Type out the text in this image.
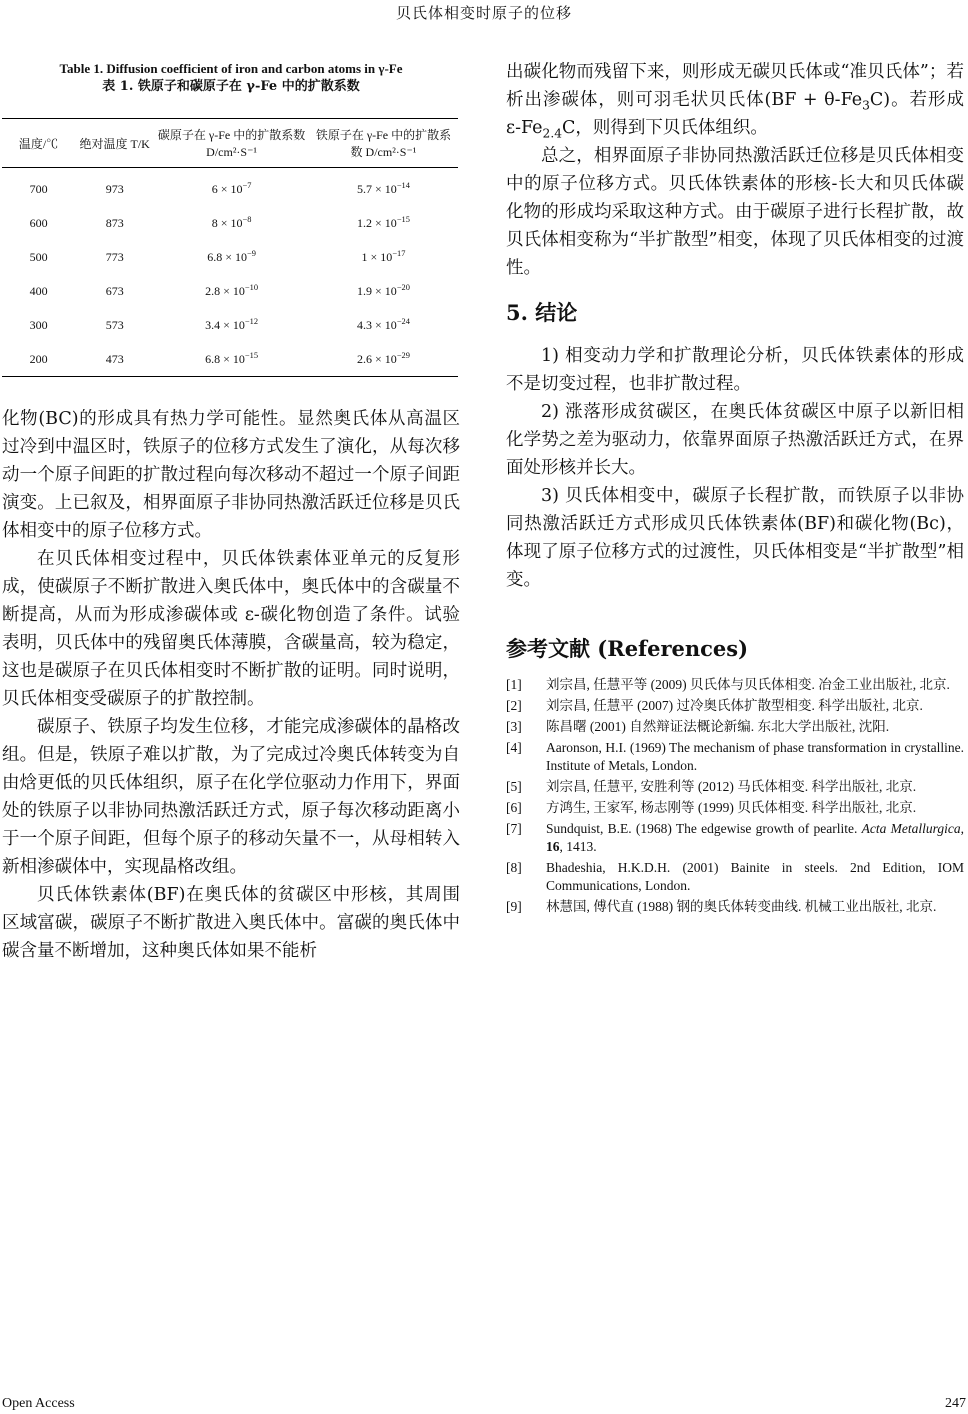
贝氏体相变时原子的位移

Table 1. Diffusion coefficient of iron and carbon atoms in γ-Fe

表 1. 铁原子和碳原子在 γ-Fe 中的扩散系数

温度/℃	绝对温度 T/K	碳原子在 γ-Fe 中的扩散系数 D/cm²·S⁻¹	铁原子在 γ-Fe 中的扩散系数 D/cm²·S⁻¹
700	973	$6 \times 10^{-7}$	$5.7 \times 10^{-14}$
600	873	$8 \times 10^{-8}$	$1.2 \times 10^{-15}$
500	773	$6.8 \times 10^{-9}$	$1 \times 10^{-17}$
400	673	$2.8 \times 10^{-10}$	$1.9 \times 10^{-20}$
300	573	$3.4 \times 10^{-12}$	$4.3 \times 10^{-24}$
200	473	$6.8 \times 10^{-15}$	$2.6 \times 10^{-29}$

化物(BC)的形成具有热力学可能性。显然奥氏体从高温区过冷到中温区时，铁原子的位移方式发生了演化，从每次移动一个原子间距的扩散过程向每次移动不超过一个原子间距演变。上已叙及，相界面原子非协同热激活跃迁位移是贝氏体相变中的原子位移方式。

在贝氏体相变过程中，贝氏体铁素体亚单元的反复形成，使碳原子不断扩散进入奥氏体中，奥氏体中的含碳量不断提高，从而为形成渗碳体或 ε-碳化物创造了条件。试验表明，贝氏体中的残留奥氏体薄膜，含碳量高，较为稳定，这也是碳原子在贝氏体相变时不断扩散的证明。同时说明，贝氏体相变受碳原子的扩散控制。

碳原子、铁原子均发生位移，才能完成渗碳体的晶格改组。但是，铁原子难以扩散，为了完成过冷奥氏体转变为自由焓更低的贝氏体组织，原子在化学位驱动力作用下，界面处的铁原子以非协同热激活跃迁方式，原子每次移动距离小于一个原子间距，但每个原子的移动矢量不一，从母相转入新相渗碳体中，实现晶格改组。

贝氏体铁素体(BF)在奥氏体的贫碳区中形核，其周围区域富碳，碳原子不断扩散进入奥氏体中。富碳的奥氏体中碳含量不断增加，这种奥氏体如果不能析

出碳化物而残留下来，则形成无碳贝氏体或“准贝氏体”；若析出渗碳体，则可羽毛状贝氏体$(BF + \theta-Fe_3C)$。若形成 $\varepsilon-Fe_{2.4}C$，则得到下贝氏体组织。

总之，相界面原子非协同热激活跃迁位移是贝氏体相变中的原子位移方式。贝氏体铁素体的形核-长大和贝氏体碳化物的形成均采取这种方式。由于碳原子进行长程扩散，故贝氏体相变称为“半扩散型”相变，体现了贝氏体相变的过渡性。

5. 结论

1) 相变动力学和扩散理论分析，贝氏体铁素体的形成不是切变过程，也非扩散过程。

2) 涨落形成贫碳区，在奥氏体贫碳区中原子以新旧相化学势之差为驱动力，依靠界面原子热激活跃迁方式，在界面处形核并长大。

3) 贝氏体相变中，碳原子长程扩散，而铁原子以非协同热激活跃迁方式形成贝氏体铁素体(BF)和碳化物(Bc)，体现了原子位移方式的过渡性，贝氏体相变是“半扩散型”相变。

参考文献 (References)
[1]	刘宗昌, 任慧平等 (2009) 贝氏体与贝氏体相变. 冶金工业出版社, 北京.
[2]	刘宗昌, 任慧平 (2007) 过冷奥氏体扩散型相变. 科学出版社, 北京.
[3]	陈昌曙 (2001) 自然辩证法概论新编. 东北大学出版社, 沈阳.
[4]	Aaronson, H.I. (1969) The mechanism of phase transformation in crystalline. Institute of Metals, London.
[5]	刘宗昌, 任慧平, 安胜利等 (2012) 马氏体相变. 科学出版社, 北京.
[6]	方鸿生, 王家军, 杨志刚等 (1999) 贝氏体相变. 科学出版社, 北京.
[7]	Sundquist, B.E. (1968) The edgewise growth of pearlite. Acta Metallurgica, 16, 1413.
[8]	Bhadeshia, H.K.D.H. (2001) Bainite in steels. 2nd Edition, IOM Communications, London.
[9]	林慧国, 傅代直 (1988) 钢的奥氏体转变曲线. 机械工业出版社, 北京.
Open Access	247
